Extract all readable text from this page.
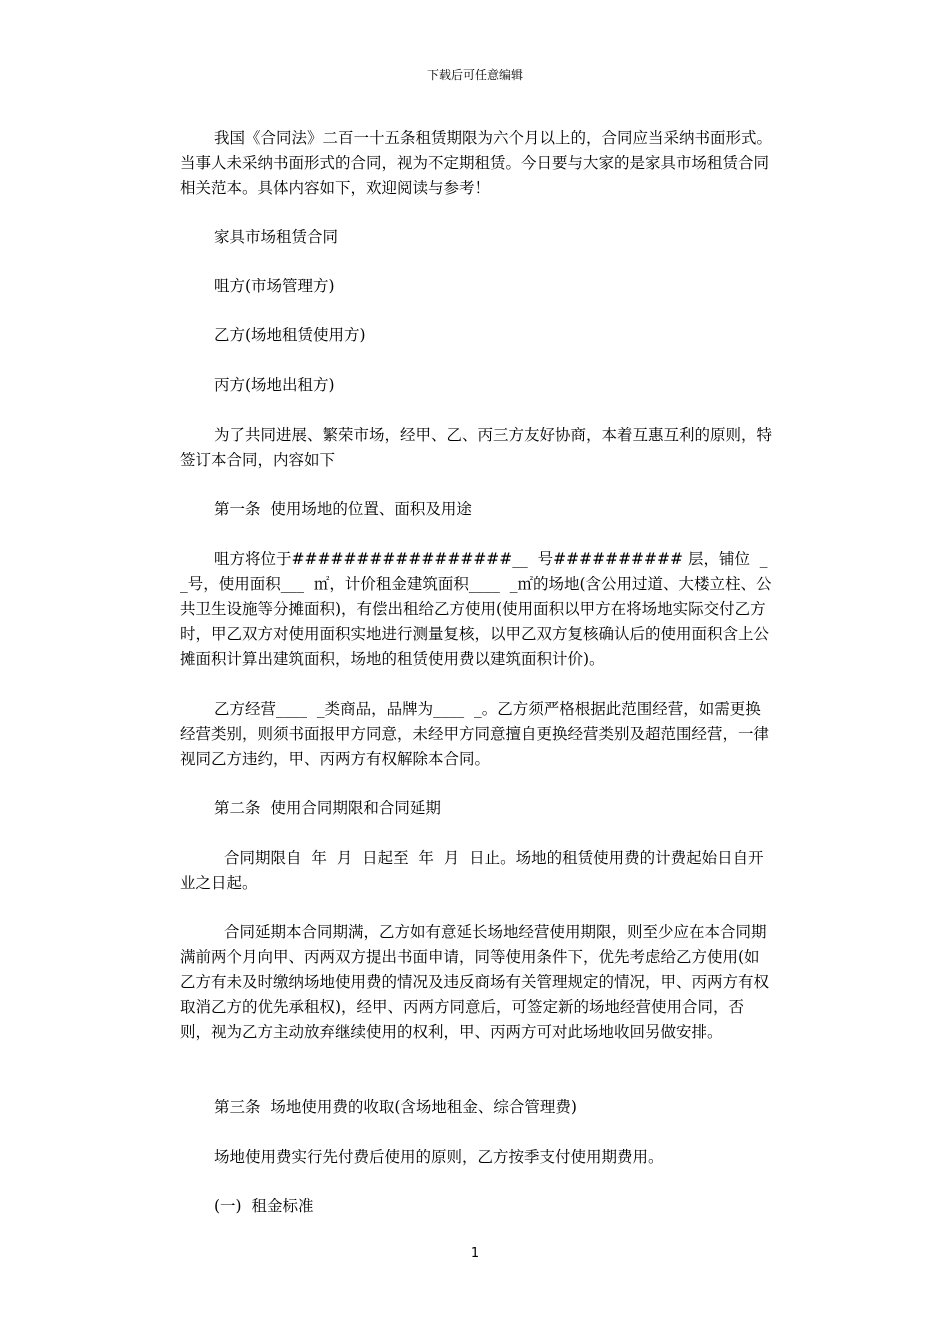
下载后可任意编辑

我国《合同法》二百一十五条租赁期限为六个月以上的，合同应当采纳书面形式。当事人未采纳书面形式的合同，视为不定期租赁。今日要与大家的是家具市场租赁合同相关范本。具体内容如下，欢迎阅读与参考！

家具市场租赁合同

咀方(市场管理方)

乙方(场地租赁使用方)

丙方(场地出租方)

为了共同进展、繁荣市场，经甲、乙、丙三方友好协商，本着互惠互利的原则，特签订本合同，内容如下

第一条  使用场地的位置、面积及用途

咀方将位于#################__  号########## 层，铺位  __号，使用面积___  ㎡，计价租金建筑面积____  _㎡的场地(含公用过道、大楼立柱、公共卫生设施等分摊面积)，有偿出租给乙方使用(使用面积以甲方在将场地实际交付乙方时，甲乙双方对使用面积实地进行测量复核，以甲乙双方复核确认后的使用面积含上公摊面积计算出建筑面积，场地的租赁使用费以建筑面积计价)。

乙方经营____  _类商品，品牌为____  _。乙方须严格根据此范围经营，如需更换经营类别，则须书面报甲方同意，未经甲方同意擅自更换经营类别及超范围经营，一律视同乙方违约，甲、丙两方有权解除本合同。

第二条  使用合同期限和合同延期

合同期限自  年  月  日起至  年  月  日止。场地的租赁使用费的计费起始日自开业之日起。

合同延期本合同期满，乙方如有意延长场地经营使用期限，则至少应在本合同期满前两个月向甲、丙两双方提出书面申请，同等使用条件下，优先考虑给乙方使用(如乙方有未及时缴纳场地使用费的情况及违反商场有关管理规定的情况，甲、丙两方有权取消乙方的优先承租权)，经甲、丙两方同意后，可签定新的场地经营使用合同，否则，视为乙方主动放弃继续使用的权利，甲、丙两方可对此场地收回另做安排。

第三条  场地使用费的收取(含场地租金、综合管理费)

场地使用费实行先付费后使用的原则，乙方按季支付使用期费用。

(一)  租金标准

1
